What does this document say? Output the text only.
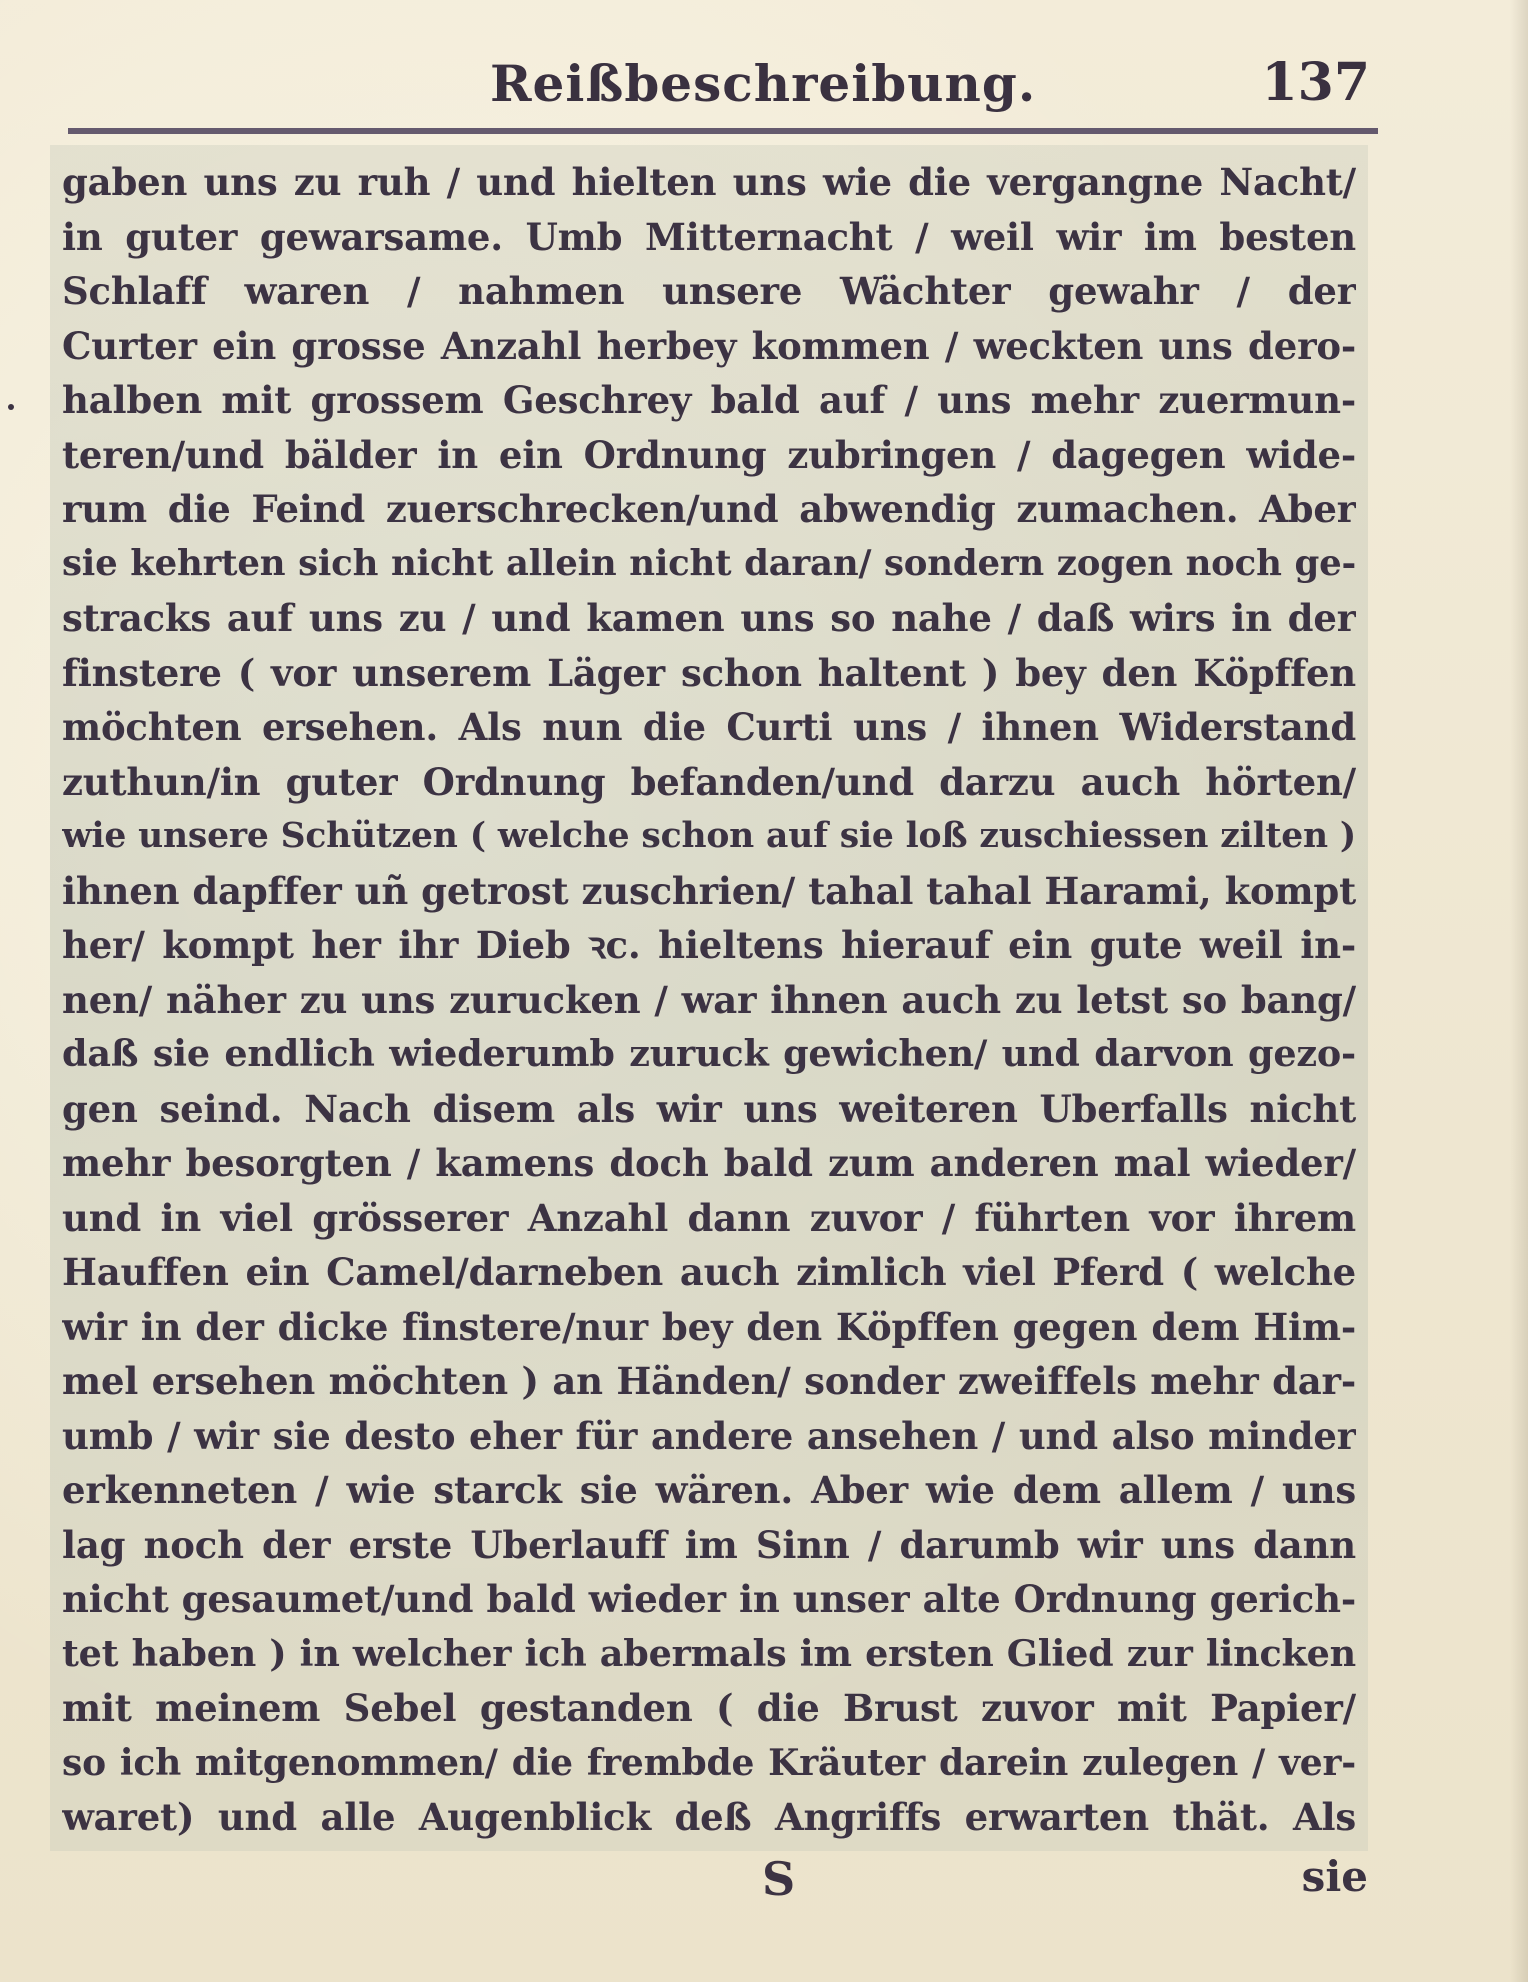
Reißbeschreibung.	137
gaben uns zu ruh / und hielten uns wie die vergangne Nacht/
in guter gewarsame. Umb Mitternacht / weil wir im besten
Schlaff waren / nahmen unsere Wächter gewahr / der
Curter ein grosse Anzahl herbey kommen / weckten uns dero-
halben mit grossem Geschrey bald auf / uns mehr zuermun-
teren/und bälder in ein Ordnung zubringen / dagegen wide-
rum die Feind zuerschrecken/und abwendig zumachen. Aber
sie kehrten sich nicht allein nicht daran/ sondern zogen noch ge-
stracks auf uns zu / und kamen uns so nahe / daß wirs in der
finstere ( vor unserem Läger schon haltent ) bey den Köpffen
möchten ersehen. Als nun die Curti uns / ihnen Widerstand
zuthun/in guter Ordnung befanden/und darzu auch hörten/
wie unsere Schützen ( welche schon auf sie loß zuschiessen zilten )
ihnen dapffer uñ getrost zuschrien/ tahal tahal Harami, kompt
her/ kompt her ihr Dieb ꝛc. hieltens hierauf ein gute weil in-
nen/ näher zu uns zurucken / war ihnen auch zu letst so bang/
daß sie endlich wiederumb zuruck gewichen/ und darvon gezo-
gen seind. Nach disem als wir uns weiteren Uberfalls nicht
mehr besorgten / kamens doch bald zum anderen mal wieder/
und in viel grösserer Anzahl dann zuvor / führten vor ihrem
Hauffen ein Camel/darneben auch zimlich viel Pferd ( welche
wir in der dicke finstere/nur bey den Köpffen gegen dem Him-
mel ersehen möchten ) an Händen/ sonder zweiffels mehr dar-
umb / wir sie desto eher für andere ansehen / und also minder
erkenneten / wie starck sie wären. Aber wie dem allem / uns
lag noch der erste Uberlauff im Sinn / darumb wir uns dann
nicht gesaumet/und bald wieder in unser alte Ordnung gerich-
tet haben ) in welcher ich abermals im ersten Glied zur lincken
mit meinem Sebel gestanden ( die Brust zuvor mit Papier/
so ich mitgenommen/ die frembde Kräuter darein zulegen / ver-
waret) und alle Augenblick deß Angriffs erwarten thät. Als
S	sie
